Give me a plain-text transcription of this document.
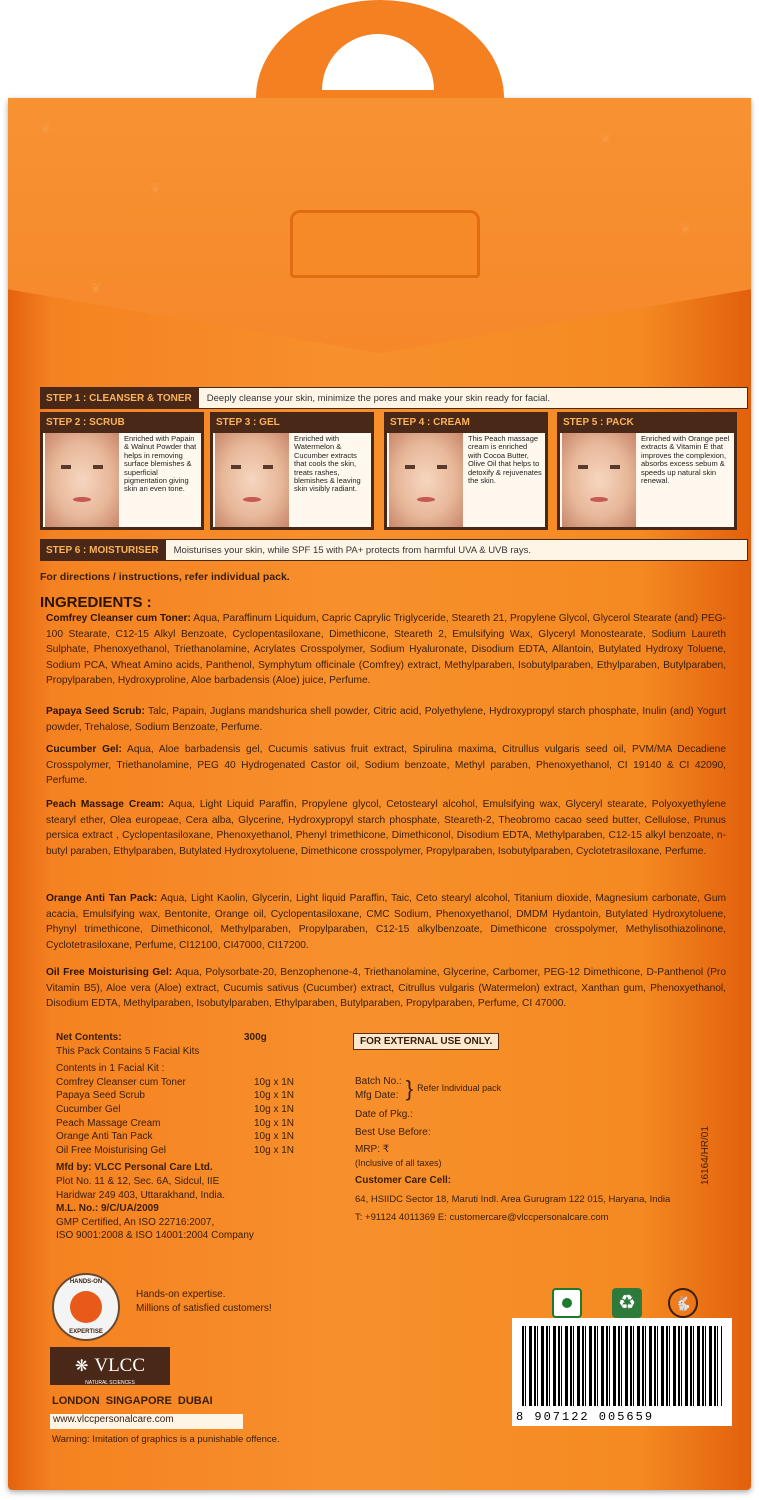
❦
❦
❦
❦
❦
STEP 1 : CLEANSER & TONER	Deeply cleanse your skin, minimize the pores and make your skin ready for facial.
STEP 2 : SCRUB
Enriched with Papain & Walnut Powder that helps in removing surface blemishes & superficial pigmentation giving skin an even tone.
STEP 3 : GEL
Enriched with Watermelon & Cucumber extracts that cools the skin, treats rashes, blemishes & leaving skin visibly radiant.
STEP 4 : CREAM
This Peach massage cream is enriched with Cocoa Butter, Olive Oil that helps to detoxify & rejuvenates the skin.
STEP 5 : PACK
Enriched with Orange peel extracts & Vitamin E that improves the complexion, absorbs excess sebum & speeds up natural skin renewal.
STEP 6 : MOISTURISER	Moisturises your skin, while SPF 15 with PA+ protects from harmful UVA & UVB rays.
For directions / instructions, refer individual pack.
INGREDIENTS :
Comfrey Cleanser cum Toner: Aqua, Paraffinum Liquidum, Capric Caprylic Triglyceride, Steareth 21, Propylene Glycol, Glycerol Stearate (and) PEG-100 Stearate, C12-15 Alkyl Benzoate, Cyclopentasiloxane, Dimethicone, Steareth 2, Emulsifying Wax, Glyceryl Monostearate, Sodium Laureth Sulphate, Phenoxyethanol, Triethanolamine, Acrylates Crosspolymer, Sodium Hyaluronate, Disodium EDTA, Allantoin, Butylated Hydroxy Toluene, Sodium PCA, Wheat Amino acids, Panthenol, Symphytum officinale (Comfrey) extract, Methylparaben, Isobutylparaben, Ethylparaben, Butylparaben, Propylparaben, Hydroxyproline, Aloe barbadensis (Aloe) juice, Perfume.
Papaya Seed Scrub: Talc, Papain, Juglans mandshurica shell powder, Citric acid, Polyethylene, Hydroxypropyl starch phosphate, Inulin (and) Yogurt powder, Trehalose, Sodium Benzoate, Perfume.
Cucumber Gel: Aqua, Aloe barbadensis gel, Cucumis sativus fruit extract, Spirulina maxima, Citrullus vulgaris seed oil, PVM/MA Decadiene Crosspolymer, Triethanolamine, PEG 40 Hydrogenated Castor oil, Sodium benzoate, Methyl paraben, Phenoxyethanol, CI 19140 & CI 42090, Perfume.
Peach Massage Cream: Aqua, Light Liquid Paraffin, Propylene glycol, Cetostearyl alcohol, Emulsifying wax, Glyceryl stearate, Polyoxyethylene stearyl ether, Olea europeae, Cera alba, Glycerine, Hydroxypropyl starch phosphate, Steareth-2, Theobromo cacao seed butter, Cellulose, Prunus persica extract , Cyclopentasiloxane, Phenoxyethanol, Phenyl trimethicone, Dimethiconol, Disodium EDTA, Methylparaben, C12-15 alkyl benzoate, n-butyl paraben, Ethylparaben, Butylated Hydroxytoluene, Dimethicone crosspolymer, Propylparaben, Isobutylparaben, Cyclotetrasiloxane, Perfume.
Orange Anti Tan Pack: Aqua, Light Kaolin, Glycerin, Light liquid Paraffin, Taic, Ceto stearyl alcohol, Titanium dioxide, Magnesium carbonate, Gum acacia, Emulsifying wax, Bentonite, Orange oil, Cyclopentasiloxane, CMC Sodium, Phenoxyethanol, DMDM Hydantoin, Butylated Hydroxytoluene, Phynyl trimethicone, Dimethiconol, Methylparaben, Propylparaben, C12-15 alkylbenzoate, Dimethicone crosspolymer, Methylisothiazolinone, Cyclotetrasiloxane, Perfume, CI12100, CI47000, CI17200.
Oil Free Moisturising Gel: Aqua, Polysorbate-20, Benzophenone-4, Triethanolamine, Glycerine, Carbomer, PEG-12 Dimethicone, D-Panthenol (Pro Vitamin B5), Aloe vera (Aloe) extract, Cucumis sativus (Cucumber) extract, Citrullus vulgaris (Watermelon) extract, Xanthan gum, Phenoxyethanol, Disodium EDTA, Methylparaben, Isobutylparaben, Ethylparaben, Butylparaben, Propylparaben, Perfume, CI 47000.
Net Contents:	300g
This Pack Contains 5 Facial Kits
Contents in 1 Facial Kit :
Comfrey Cleanser cum Toner	10g x 1N
Papaya Seed Scrub	10g x 1N
Cucumber Gel	10g x 1N
Peach Massage Cream	10g x 1N
Orange Anti Tan Pack	10g x 1N
Oil Free Moisturising Gel	10g x 1N
Mfd by: VLCC Personal Care Ltd.
Plot No. 11 & 12, Sec. 6A, Sidcul, IIE
Haridwar 249 403, Uttarakhand, India.
M.L. No.: 9/C/UA/2009
GMP Certified, An ISO 22716:2007,
ISO 9001:2008 & ISO 14001:2004 Company
FOR EXTERNAL USE ONLY.
Batch No.:
Mfg Date: } Refer Individual pack
Date of Pkg.:
Best Use Before:
MRP: ₹
(Inclusive of all taxes)
Customer Care Cell:
64, HSIIDC Sector 18, Maruti Indl. Area Gurugram 122 015, Haryana, India
T: +91124 4011369 E: customercare@vlccpersonalcare.com
16164/HR/01
HANDS-ON
EXPERTISE
Hands-on expertise.
Millions of satisfied customers!
❋ VLCC
NATURAL SCIENCES
LONDON  SINGAPORE  DUBAI
www.vlccpersonalcare.com
Warning: Imitation of graphics is a punishable offence.
♻	🐇
8 907122 005659
